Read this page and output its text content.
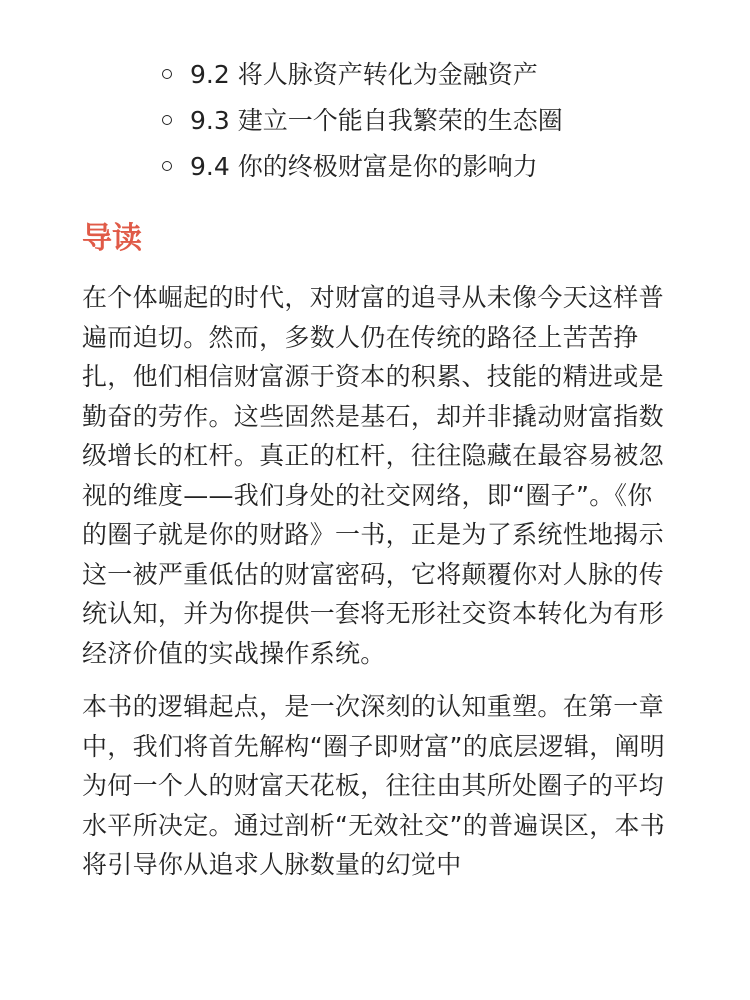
9.2 将人脉资产转化为金融资产
9.3 建立一个能自我繁荣的生态圈
9.4 你的终极财富是你的影响力
导读

在个体崛起的时代，对财富的追寻从未像今天这样普遍而迫切。然而，多数人仍在传统的路径上苦苦挣扎，他们相信财富源于资本的积累、技能的精进或是勤奋的劳作。这些固然是基石，却并非撬动财富指数级增长的杠杆。真正的杠杆，往往隐藏在最容易被忽视的维度——我们身处的社交网络，即“圈子”。《你的圈子就是你的财路》一书，正是为了系统性地揭示这一被严重低估的财富密码，它将颠覆你对人脉的传统认知，并为你提供一套将无形社交资本转化为有形经济价值的实战操作系统。

本书的逻辑起点，是一次深刻的认知重塑。在第一章中，我们将首先解构“圈子即财富”的底层逻辑，阐明为何一个人的财富天花板，往往由其所处圈子的平均水平所决定。通过剖析“无效社交”的普遍误区，本书将引导你从追求人脉数量的幻觉中
